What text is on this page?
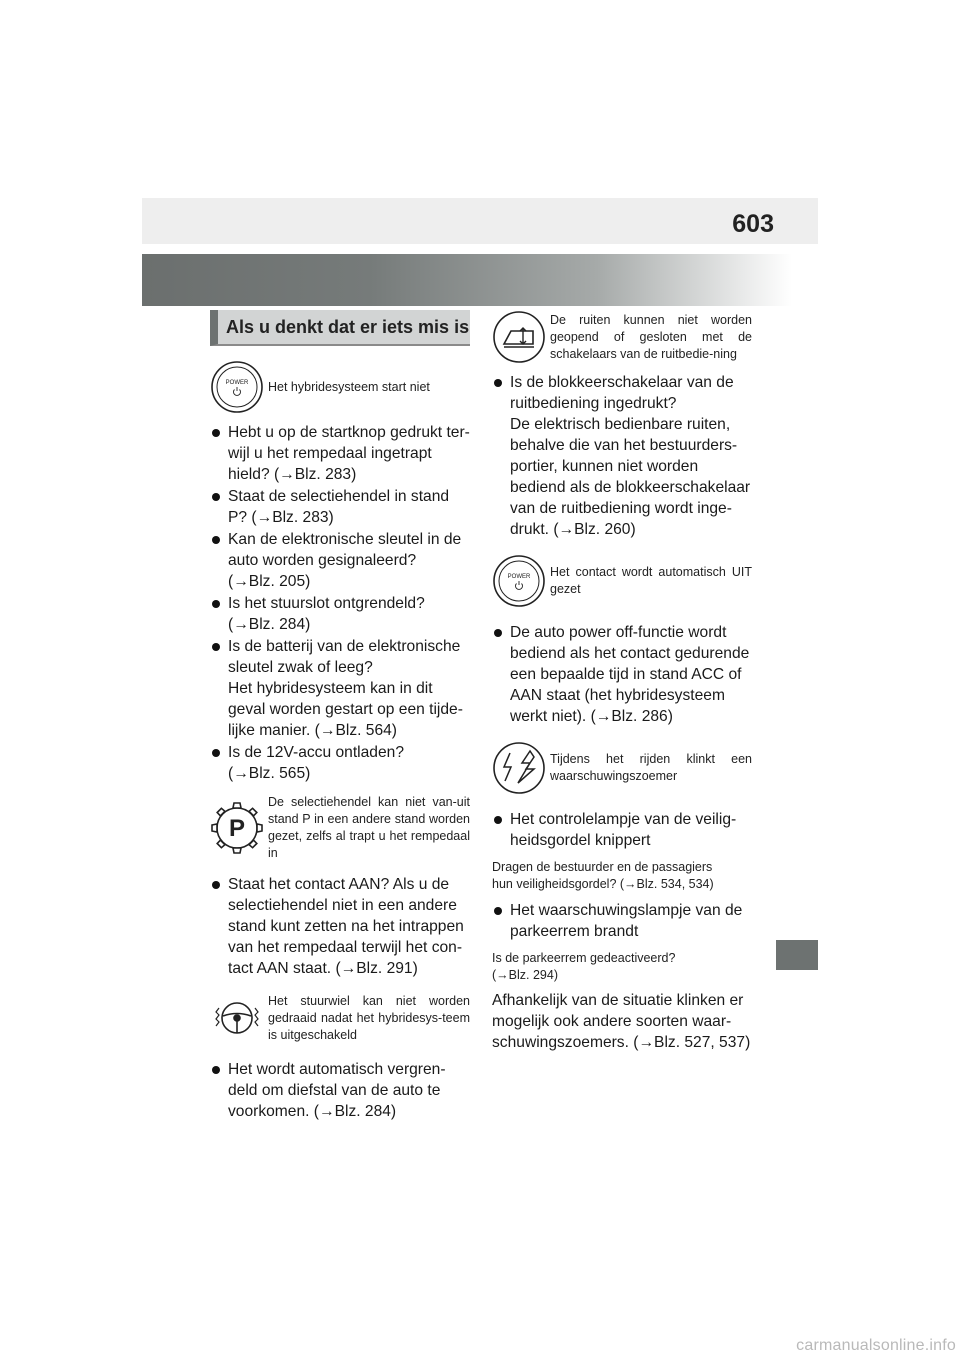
603
Als u denkt dat er iets mis is
POWER Het hybridesysteem start niet
Hebt u op de startknop gedrukt ter-
wijl u het rempedaal ingetrapt
hield? (→Blz. 283)
Staat de selectiehendel in stand
P? (→Blz. 283)
Kan de elektronische sleutel in de
auto worden gesignaleerd?
(→Blz. 205)
Is het stuurslot ontgrendeld?
(→Blz. 284)
Is de batterij van de elektronische
sleutel zwak of leeg?
Het hybridesysteem kan in dit
geval worden gestart op een tijde-
lijke manier. (→Blz. 564)
Is de 12V-accu ontladen?
(→Blz. 565)
P
De selectiehendel kan niet van-uit stand P in een andere stand worden gezet, zelfs al trapt u het rempedaal in
Staat het contact AAN? Als u de
selectiehendel niet in een andere
stand kunt zetten na het intrappen
van het rempedaal terwijl het con-
tact AAN staat. (→Blz. 291)
Het stuurwiel kan niet worden gedraaid nadat het hybridesys-teem is uitgeschakeld
Het wordt automatisch vergren-
deld om diefstal van de auto te
voorkomen. (→Blz. 284)
De ruiten kunnen niet worden geopend of gesloten met de schakelaars van de ruitbedie-ning
Is de blokkeerschakelaar van de
ruitbediening ingedrukt?
De elektrisch bedienbare ruiten,
behalve die van het bestuurders-
portier, kunnen niet worden
bediend als de blokkeerschakelaar
van de ruitbediening wordt inge-
drukt. (→Blz. 260)
POWER Het contact wordt automatisch UIT gezet
De auto power off-functie wordt
bediend als het contact gedurende
een bepaalde tijd in stand ACC of
AAN staat (het hybridesysteem
werkt niet). (→Blz. 286)
Tijdens het rijden klinkt een waarschuwingszoemer
Het controlelampje van de veilig-
heidsgordel knippert
Dragen de bestuurder en de passagiers
hun veiligheidsgordel? (→Blz. 534, 534)
Het waarschuwingslampje van de
parkeerrem brandt
Is de parkeerrem gedeactiveerd?
(→Blz. 294)
Afhankelijk van de situatie klinken er
mogelijk ook andere soorten waar-
schuwingszoemers. (→Blz. 527, 537)
carmanualsonline.info
